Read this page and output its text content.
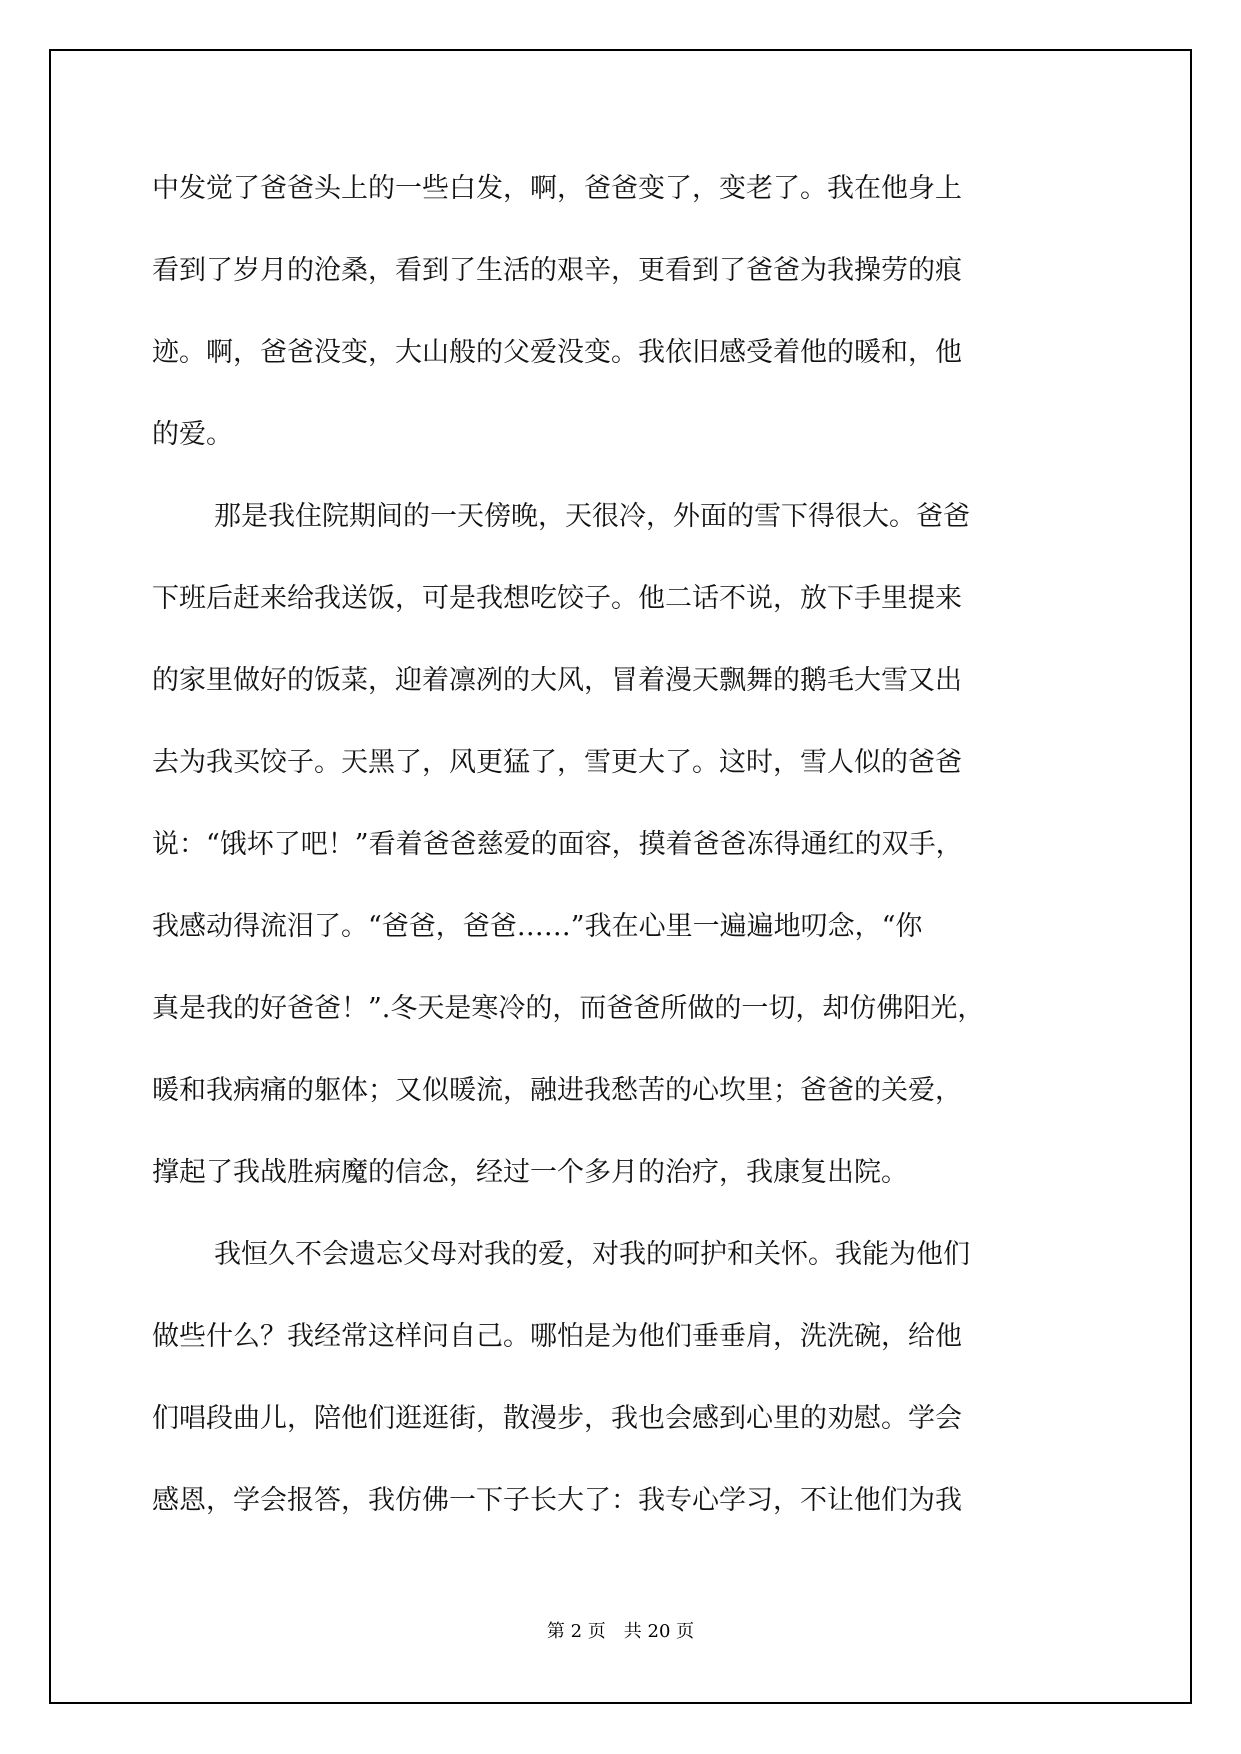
中发觉了爸爸头上的一些白发，啊，爸爸变了，变老了。我在他身上
看到了岁月的沧桑，看到了生活的艰辛，更看到了爸爸为我操劳的痕
迹。啊，爸爸没变，大山般的父爱没变。我依旧感受着他的暖和，他
的爱。
那是我住院期间的一天傍晚，天很冷，外面的雪下得很大。爸爸
下班后赶来给我送饭，可是我想吃饺子。他二话不说，放下手里提来
的家里做好的饭菜，迎着凛冽的大风，冒着漫天飘舞的鹅毛大雪又出
去为我买饺子。天黑了，风更猛了，雪更大了。这时，雪人似的爸爸
说：“饿坏了吧！”看着爸爸慈爱的面容，摸着爸爸冻得通红的双手，
我感动得流泪了。“爸爸，爸爸……”我在心里一遍遍地叨念，“你
真是我的好爸爸！”.冬天是寒冷的，而爸爸所做的一切，却仿佛阳光，
暖和我病痛的躯体；又似暖流，融进我愁苦的心坎里；爸爸的关爱，
撑起了我战胜病魔的信念，经过一个多月的治疗，我康复出院。
我恒久不会遗忘父母对我的爱，对我的呵护和关怀。我能为他们
做些什么？我经常这样问自己。哪怕是为他们垂垂肩，洗洗碗，给他
们唱段曲儿，陪他们逛逛街，散漫步，我也会感到心里的劝慰。学会
感恩，学会报答，我仿佛一下子长大了：我专心学习，不让他们为我
第 2 页　共 20 页
